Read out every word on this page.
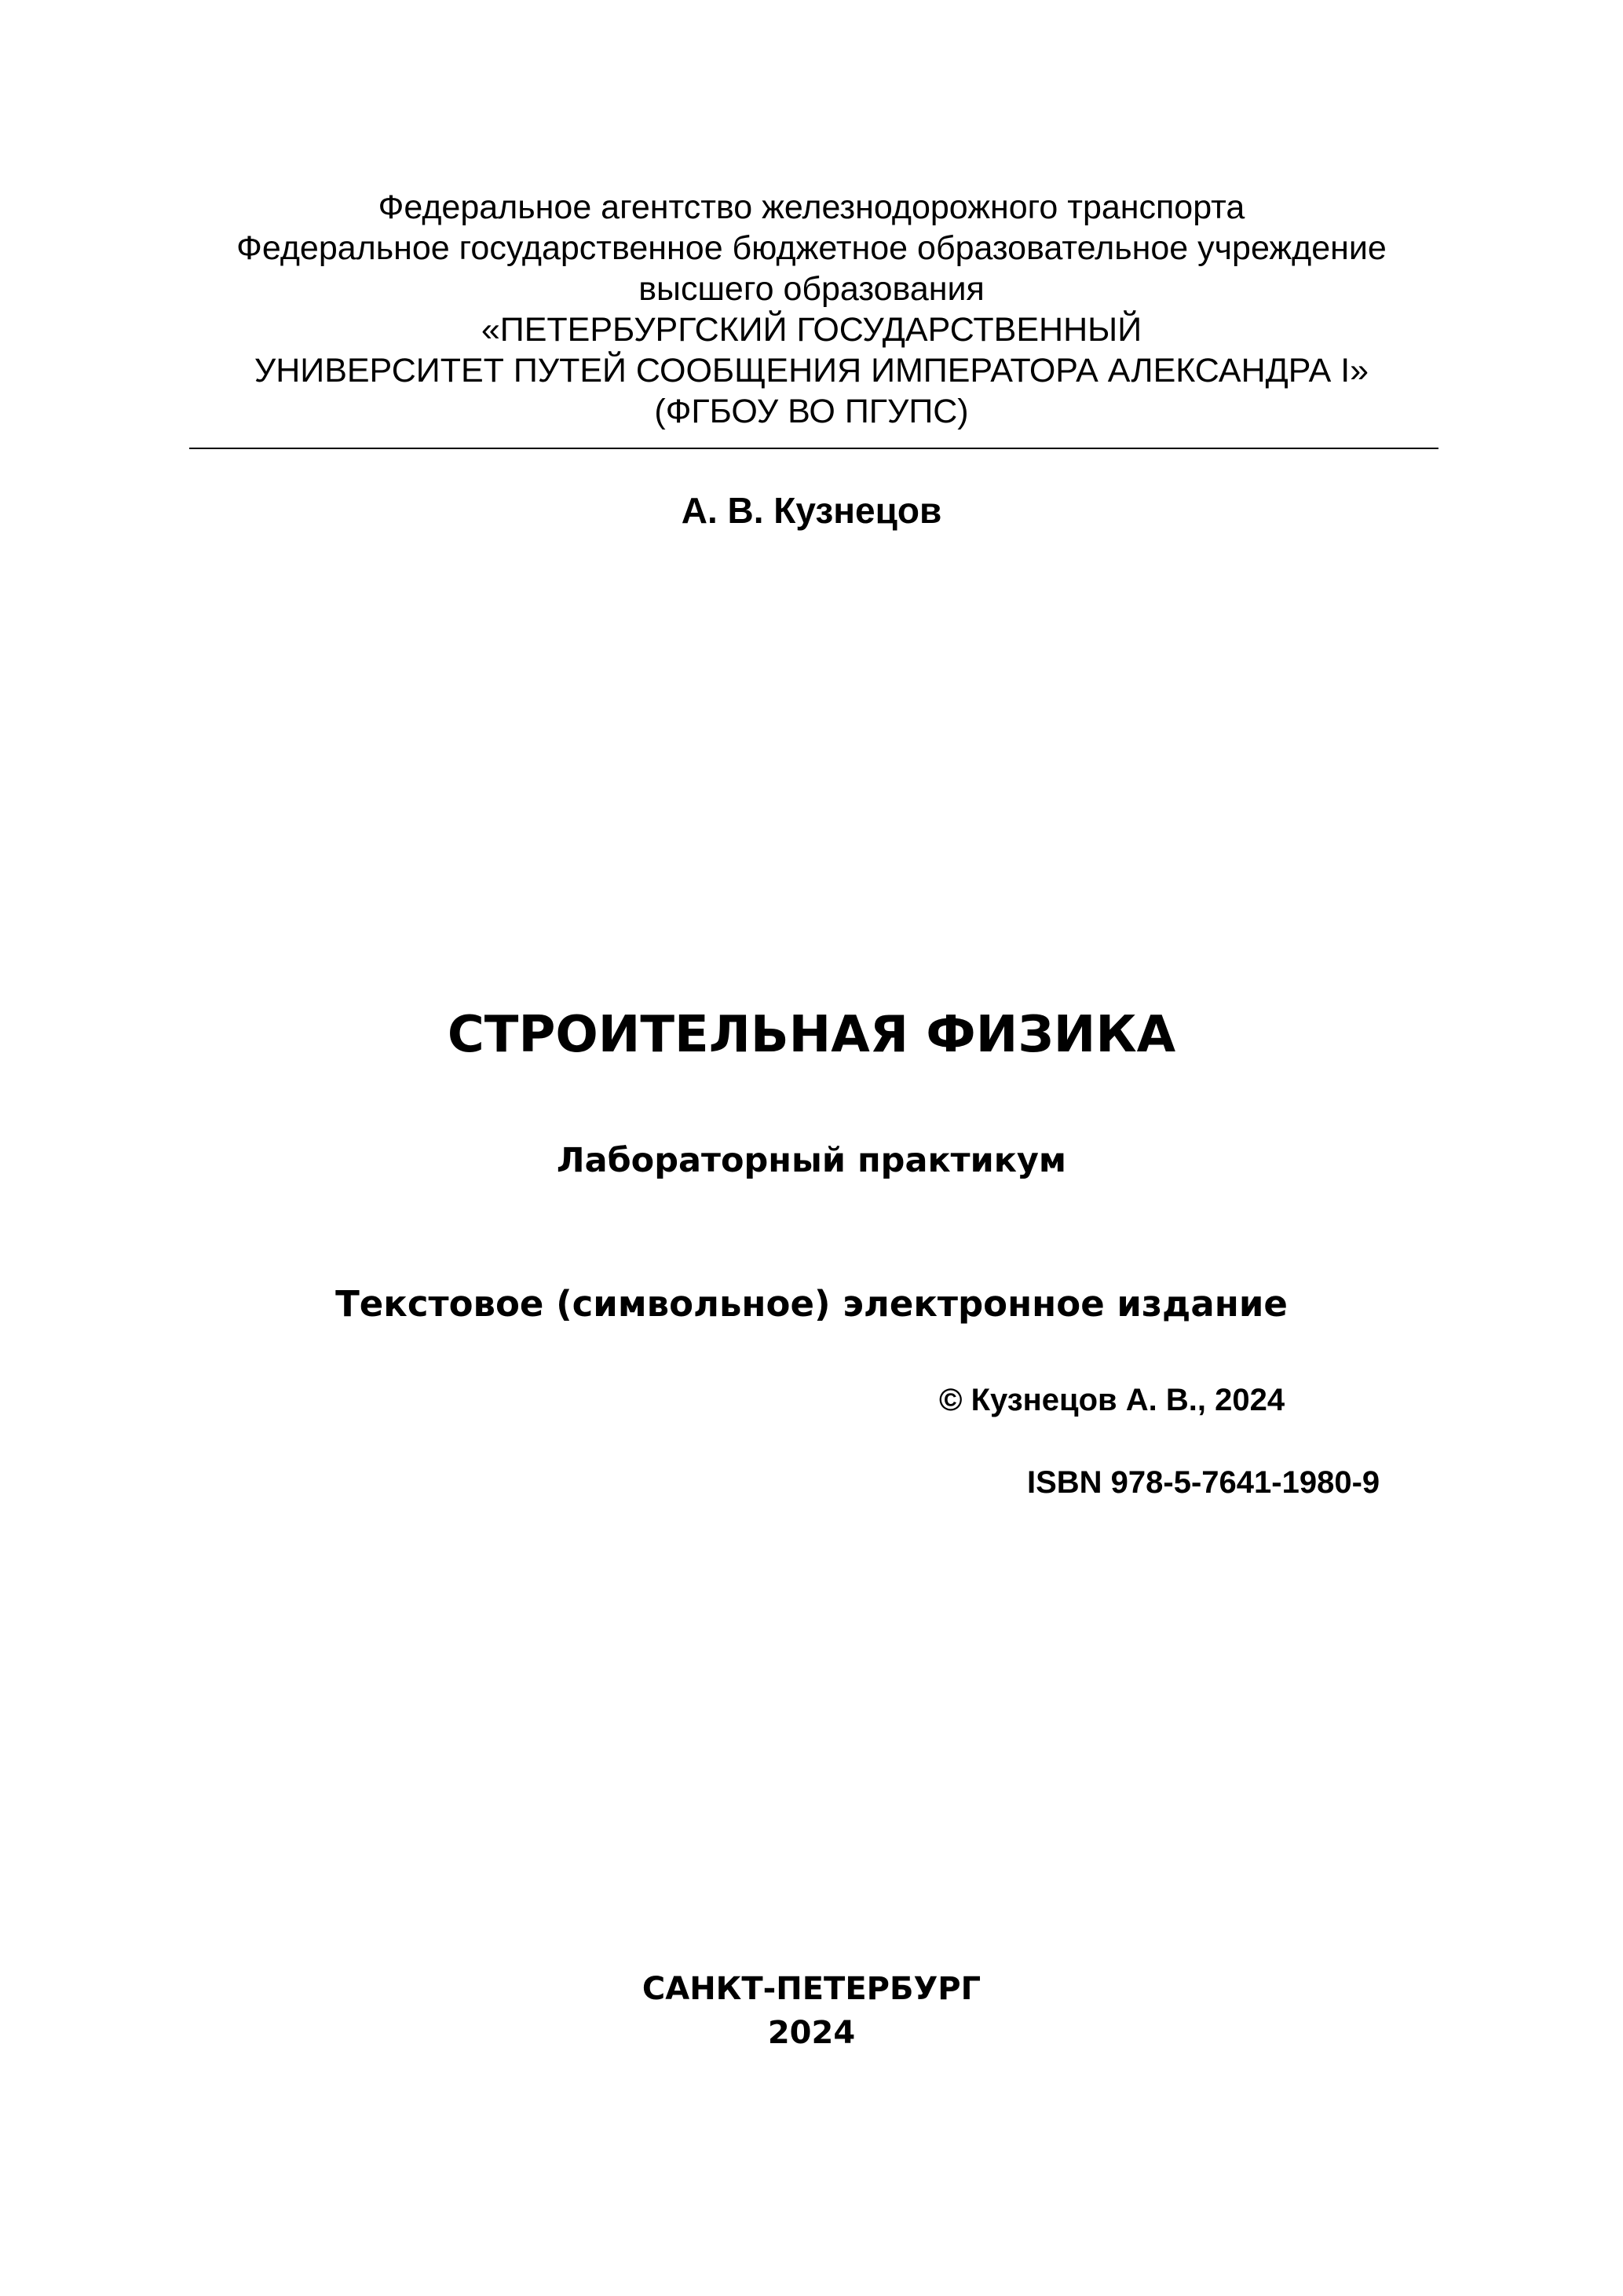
Федеральное агентство железнодорожного транспорта
Федеральное государственное бюджетное образовательное учреждение
высшего образования
«ПЕТЕРБУРГСКИЙ ГОСУДАРСТВЕННЫЙ
УНИВЕРСИТЕТ ПУТЕЙ СООБЩЕНИЯ ИМПЕРАТОРА АЛЕКСАНДРА I»
(ФГБОУ ВО ПГУПС)
А. В. Кузнецов
СТРОИТЕЛЬНАЯ ФИЗИКА
Лабораторный практикум
Текстовое (символьное) электронное издание
© Кузнецов А. В., 2024
ISBN 978-5-7641-1980-9
САНКТ-ПЕТЕРБУРГ
2024
